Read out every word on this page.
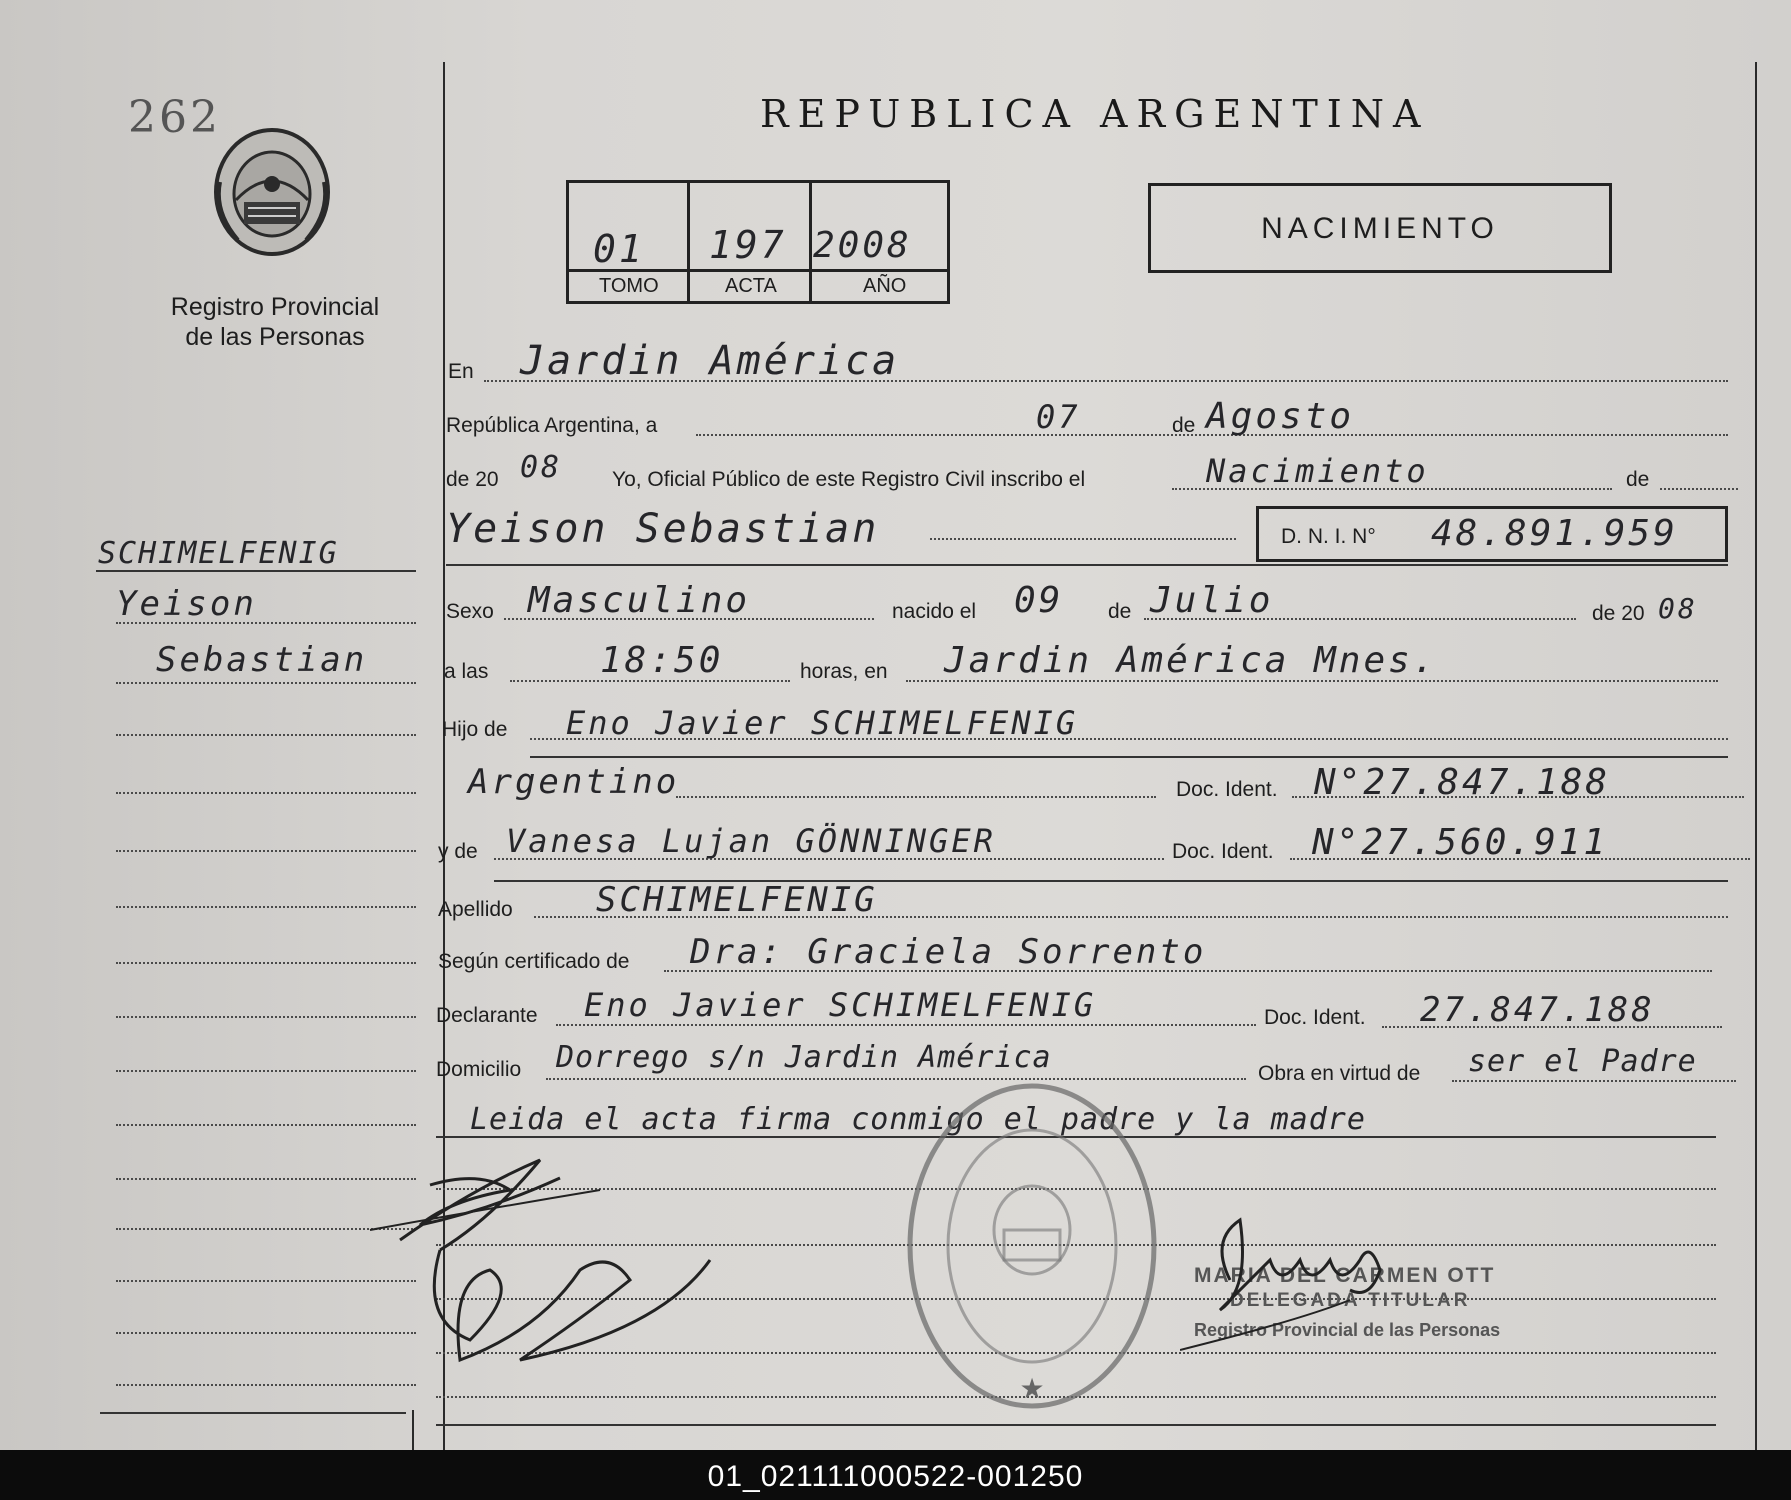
262
Registro Provincial
de las Personas
REPUBLICA ARGENTINA
01 197 2008
TOMO	ACTA	AÑO
NACIMIENTO
En Jardin América
República Argentina, a	07	de Agosto
de 20 08 Yo, Oficial Público de este Registro Civil inscribo el	Nacimiento	de
Yeison Sebastian	D. N. I. N° 48.891.959
Sexo Masculino	nacido el 09 de Julio	de 20 08
a las	18:50	horas, en Jardin América Mnes.
Hijo de Eno Javier SCHIMELFENIG
Argentino	Doc. Ident. N°27.847.188
y de Vanesa Lujan GÖNNINGER	Doc. Ident. N°27.560.911
Apellido SCHIMELFENIG
Según certificado de Dra: Graciela Sorrento
Declarante Eno Javier SCHIMELFENIG	Doc. Ident. 27.847.188
Domicilio Dorrego s/n Jardin América	Obra en virtud de ser el Padre
Leida el acta firma conmigo el padre y la madre
SCHIMELFENIG
Yeison
Sebastian
★
MARIA DEL CARMEN OTT
DELEGADA TITULAR
Registro Provincial de las Personas
01_021111000522-001250
